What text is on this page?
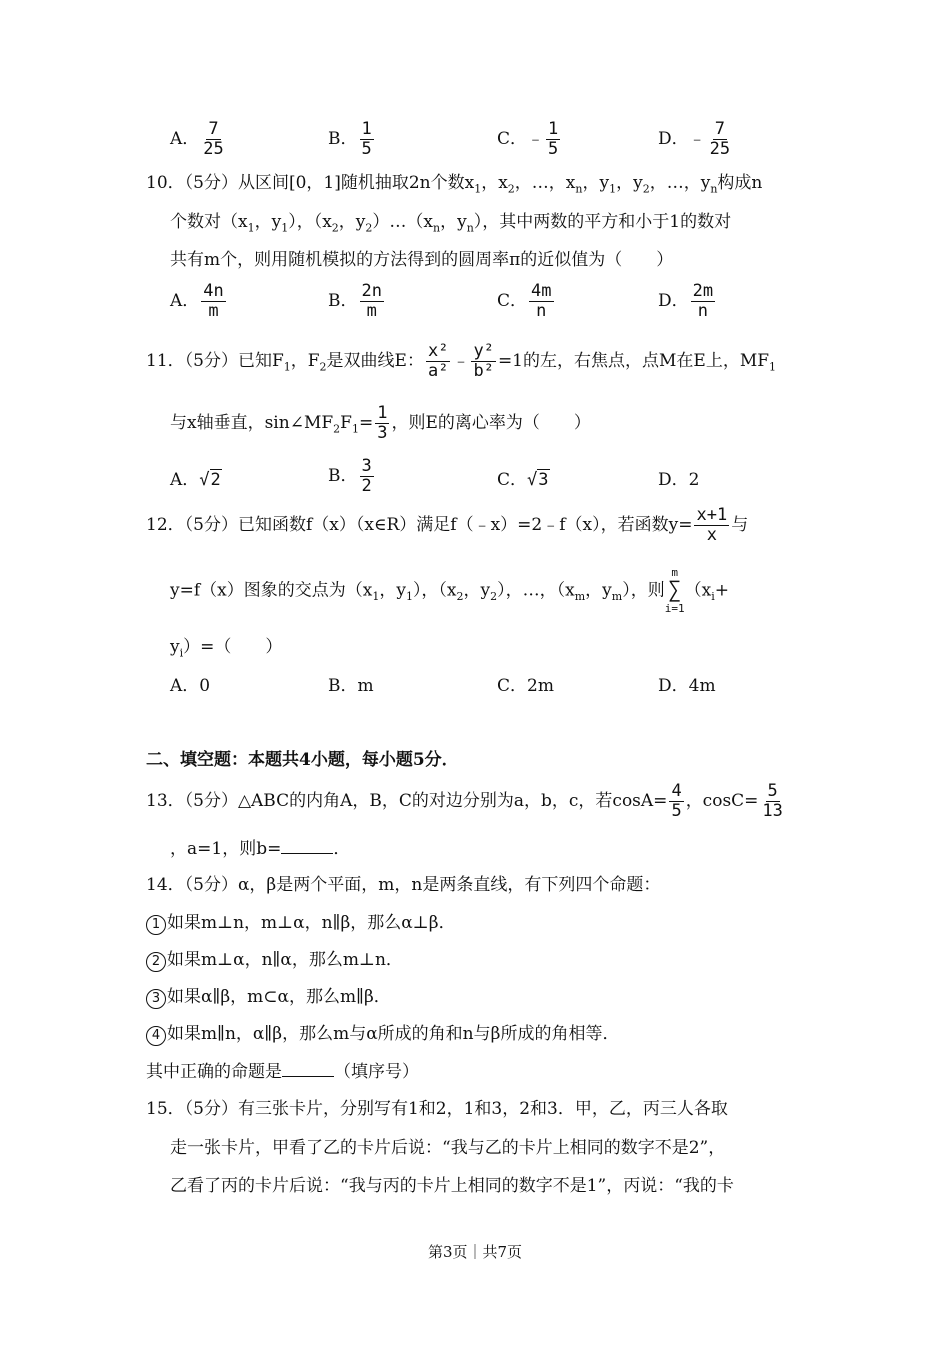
A． $\frac{7}{25}$	B． $\frac{1}{5}$	C．﹣ $\frac{1}{5}$	D．﹣ $\frac{7}{25}$
10．（5分）从区间[0，1]随机抽取2n个数$x_1$，$x_2$，…，$x_n$，$y_1$，$y_2$，…，$y_n$构成n
个数对（$x_1$，$y_1$），（$x_2$，$y_2)\dots(x_n$，$y_n$），其中两数的平方和小于1的数对
共有m个，则用随机模拟的方法得到的圆周率π的近似值为（　　）
A． $\frac{4n}{m}$	B． $\frac{2n}{m}$	C． $\frac{4m}{n}$	D． $\frac{2m}{n}$
11．（5分）已知$F_1$，$F_2$是双曲线E： $\frac{\text{x²}}{\text{a²}}$ ﹣ $\frac{\text{y²}}{\text{b²}} =1$的左，右焦点，点M在E上，$MF_1$
与x轴垂直，$\sin\angle MF_2F_1= \frac{1}{3}$ ，则E的离心率为（　　）
A．√2	B． $\frac{3}{2}$	C．√3	D．2
12．（5分）已知函数f（x）（x∈R）满足f（﹣x）=2﹣f（x），若函数$y= \frac{x+1}{x}$ 与
y=f（x）图象的交点为（$x_1$，$y_1$），（$x_2$，$y_2$），…，（$x_m$，$y_m$），则
m
∑
i=1
（$x_i+$
$y_i)=$（　　）
A．0	B．m	C．2m	D．4m
二、填空题：本题共4小题，每小题5分．
13．（5分）△ABC的内角A，B，C的对边分别为a，b，c，若$\cos A= \frac{4}{5}$ ，$\cos C= \frac{5}{13}$
，a=1，则b=	．
14．（5分）α，β是两个平面，m，n是两条直线，有下列四个命题：
1 如果m⊥n，m⊥α，n∥β，那么α⊥β．
2 如果m⊥α，n∥α，那么m⊥n．
3 如果α∥β，m⊂α，那么m∥β．
4 如果m∥n，α∥β，那么m与α所成的角和n与β所成的角相等．
其中正确的命题是	（填序号）
15．（5分）有三张卡片，分别写有1和2，1和3，2和3．甲，乙，丙三人各取
走一张卡片，甲看了乙的卡片后说：“我与乙的卡片上相同的数字不是2”，
乙看了丙的卡片后说：“我与丙的卡片上相同的数字不是1”，丙说：“我的卡
第3页｜共7页
